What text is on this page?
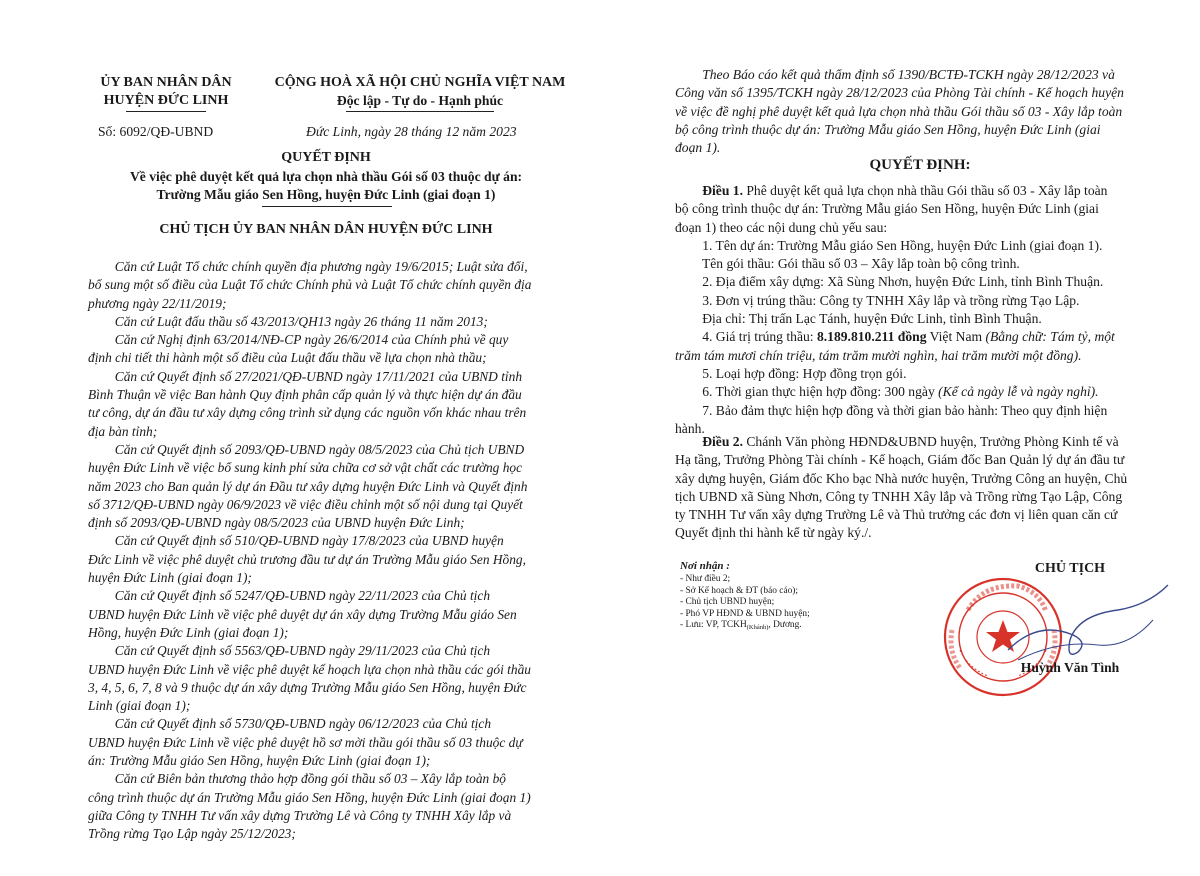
ỦY BAN NHÂN DÂN
HUYỆN ĐỨC LINH
CỘNG HOÀ XÃ HỘI CHỦ NGHĨA VIỆT NAM
Độc lập - Tự do - Hạnh phúc
Số: 6092/QĐ-UBND	Đức Linh, ngày 28 tháng 12 năm 2023
QUYẾT ĐỊNH
Về việc phê duyệt kết quả lựa chọn nhà thầu Gói số 03 thuộc dự án:
Trường Mẫu giáo Sen Hồng, huyện Đức Linh (giai đoạn 1)
CHỦ TỊCH ỦY BAN NHÂN DÂN HUYỆN ĐỨC LINH
Căn cứ Luật Tổ chức chính quyền địa phương ngày 19/6/2015; Luật sửa đổi,
bổ sung một số điều của Luật Tổ chức Chính phủ và Luật Tổ chức chính quyền địa
phương ngày 22/11/2019;
Căn cứ Luật đấu thầu số 43/2013/QH13 ngày 26 tháng 11 năm 2013;
Căn cứ Nghị định 63/2014/NĐ-CP ngày 26/6/2014 của Chính phủ về quy
định chi tiết thi hành một số điều của Luật đấu thầu về lựa chọn nhà thầu;
Căn cứ Quyết định số 27/2021/QĐ-UBND ngày 17/11/2021 của UBND tỉnh
Bình Thuận về việc Ban hành Quy định phân cấp quản lý và thực hiện dự án đầu
tư công, dự án đầu tư xây dựng công trình sử dụng các nguồn vốn khác nhau trên
địa bàn tỉnh;
Căn cứ Quyết định số 2093/QĐ-UBND ngày 08/5/2023 của Chủ tịch UBND
huyện Đức Linh về việc bổ sung kinh phí sửa chữa cơ sở vật chất các trường học
năm 2023 cho Ban quản lý dự án Đầu tư xây dựng huyện Đức Linh và Quyết định
số 3712/QĐ-UBND ngày 06/9/2023 về việc điều chỉnh một số nội dung tại Quyết
định số 2093/QĐ-UBND ngày 08/5/2023 của UBND huyện Đức Linh;
Căn cứ Quyết định số 510/QĐ-UBND ngày 17/8/2023 của UBND huyện
Đức Linh về việc phê duyệt chủ trương đầu tư dự án Trường Mẫu giáo Sen Hồng,
huyện Đức Linh (giai đoạn 1);
Căn cứ Quyết định số 5247/QĐ-UBND ngày 22/11/2023 của Chủ tịch
UBND huyện Đức Linh về việc phê duyệt dự án xây dựng Trường Mẫu giáo Sen
Hồng, huyện Đức Linh (giai đoạn 1);
Căn cứ Quyết định số 5563/QĐ-UBND ngày 29/11/2023 của Chủ tịch
UBND huyện Đức Linh về việc phê duyệt kế hoạch lựa chọn nhà thầu các gói thầu
3, 4, 5, 6, 7, 8 và 9 thuộc dự án xây dựng Trường Mẫu giáo Sen Hồng, huyện Đức
Linh (giai đoạn 1);
Căn cứ Quyết định số 5730/QĐ-UBND ngày 06/12/2023 của Chủ tịch
UBND huyện Đức Linh về việc phê duyệt hồ sơ mời thầu gói thầu số 03 thuộc dự
án: Trường Mẫu giáo Sen Hồng, huyện Đức Linh (giai đoạn 1);
Căn cứ Biên bản thương thảo hợp đồng gói thầu số 03 – Xây lắp toàn bộ
công trình thuộc dự án Trường Mẫu giáo Sen Hồng, huyện Đức Linh (giai đoạn 1)
giữa Công ty TNHH Tư vấn xây dựng Trường Lê và Công ty TNHH Xây lắp và
Trồng rừng Tạo Lập ngày 25/12/2023;
Theo Báo cáo kết quả thẩm định số 1390/BCTĐ-TCKH ngày 28/12/2023 và
Công văn số 1395/TCKH ngày 28/12/2023 của Phòng Tài chính - Kế hoạch huyện
về việc đề nghị phê duyệt kết quả lựa chọn nhà thầu Gói thầu số 03 - Xây lắp toàn
bộ công trình thuộc dự án: Trường Mẫu giáo Sen Hồng, huyện Đức Linh (giai
đoạn 1).
QUYẾT ĐỊNH:
Điều 1. Phê duyệt kết quả lựa chọn nhà thầu Gói thầu số 03 - Xây lắp toàn
bộ công trình thuộc dự án: Trường Mẫu giáo Sen Hồng, huyện Đức Linh (giai
đoạn 1) theo các nội dung chủ yếu sau:
1. Tên dự án: Trường Mẫu giáo Sen Hồng, huyện Đức Linh (giai đoạn 1).
Tên gói thầu: Gói thầu số 03 – Xây lắp toàn bộ công trình.
2. Địa điểm xây dựng: Xã Sùng Nhơn, huyện Đức Linh, tỉnh Bình Thuận.
3. Đơn vị trúng thầu: Công ty TNHH Xây lắp và trồng rừng Tạo Lập.
Địa chỉ: Thị trấn Lạc Tánh, huyện Đức Linh, tỉnh Bình Thuận.
4. Giá trị trúng thầu: 8.189.810.211 đồng Việt Nam (Bằng chữ: Tám tỷ, một
trăm tám mươi chín triệu, tám trăm mười nghìn, hai trăm mười một đồng).
5. Loại hợp đồng: Hợp đồng trọn gói.
6. Thời gian thực hiện hợp đồng: 300 ngày (Kể cả ngày lễ và ngày nghỉ).
7. Bảo đảm thực hiện hợp đồng và thời gian bảo hành: Theo quy định hiện
hành.
Điều 2. Chánh Văn phòng HĐND&UBND huyện, Trưởng Phòng Kinh tế và
Hạ tầng, Trưởng Phòng Tài chính - Kế hoạch, Giám đốc Ban Quản lý dự án đầu tư
xây dựng huyện, Giám đốc Kho bạc Nhà nước huyện, Trưởng Công an huyện, Chủ
tịch UBND xã Sùng Nhơn, Công ty TNHH Xây lắp và Trồng rừng Tạo Lập, Công
ty TNHH Tư vấn xây dựng Trường Lê và Thủ trưởng các đơn vị liên quan căn cứ
Quyết định thi hành kể từ ngày ký./.
Nơi nhận :
- Như điều 2;
- Sở Kế hoạch & ĐT (báo cáo);
- Chủ tịch UBND huyện;
- Phó VP HĐND & UBND huyện;
- Lưu: VP, $TCKH_{(Khánh)}$, Dương.
CHỦ TỊCH
Huỳnh Văn Tình
